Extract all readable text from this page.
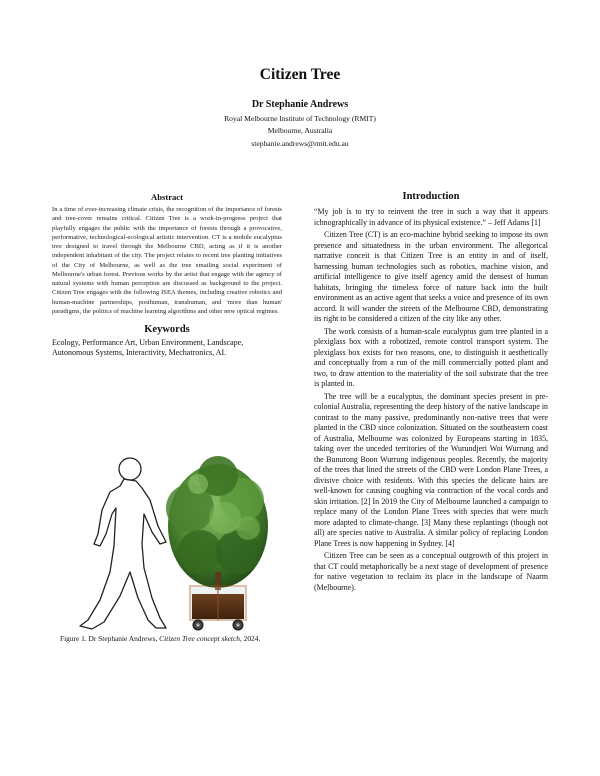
Citizen Tree
Dr Stephanie Andrews
Royal Melbourne Institute of Technology (RMIT)
Melbourne, Australia
stephanie.andrews@rmit.edu.au
Abstract

In a time of ever-increasing climate crisis, the recognition of the importance of forests and tree-cover remains critical. Citizen Tree is a work-in-progress project that playfully engages the public with the importance of forests through a provocative, performative, technological-ecological artistic intervention. CT is a mobile eucalyptus tree designed to travel through the Melbourne CBD, acting as if it is another independent inhabitant of the city. The project relates to recent tree planting initiatives of the City of Melbourne, as well as the tree emailing social experiment of Melbourne's urban forest. Previous works by the artist that engage with the agency of natural systems with human perception are discussed as background to the project. Citizen Tree engages with the following ISEA themes, including creative robotics and human-machine partnerships, posthuman, transhuman, and 'more than human' paradigms, the politics of machine learning algorithms and other new optical regimes.

Keywords

Ecology, Performance Art, Urban Environment, Landscape, Autonomous Systems, Interactivity, Mechatronics, AI.

Figure 1. Dr Stephanie Andrews, Citizen Tree concept sketch, 2024.
Introduction

“My job is to try to reinvent the tree in such a way that it appears ichnographically in advance of its physical existence.” – Jeff Adams [1]

Citizen Tree (CT) is an eco-machine hybrid seeking to impose its own presence and situatedness in the urban environment. The allegorical narrative conceit is that Citizen Tree is an entity in and of itself, harnessing human technologies such as robotics, machine vision, and artificial intelligence to give itself agency amid the densest of human habitats, bringing the timeless force of nature back into the built environment as an active agent that seeks a voice and presence of its own accord. It will wander the streets of the Melbourne CBD, demonstrating its right to be considered a citizen of the city like any other.

The work consists of a human-scale eucalyptus gum tree planted in a plexiglass box with a robotized, remote control transport system. The plexiglass box exists for two reasons, one, to distinguish it aesthetically and conceptually from a run of the mill commercially potted plant and two, to draw attention to the materiality of the soil substrate that the tree is planted in.

The tree will be a eucalyptus, the dominant species present in pre-colonial Australia, representing the deep history of the native landscape in contrast to the many passive, predominantly non-native trees that were planted in the CBD since colonization. Situated on the southeastern coast of Australia, Melbourne was colonized by Europeans starting in 1835, taking over the unceded territories of the Wurundjeri Woi Wurrung and the Bunurong Boon Wurrung indigenous peoples. Recently, the majority of the trees that lined the streets of the CBD were London Plane Trees, a divisive choice with residents. With this species the delicate hairs are well-known for causing coughing via contraction of the vocal cords and skin irritation. [2] In 2019 the City of Melbourne launched a campaign to replace many of the London Plane Trees with species that were much more adapted to climate-change. [3] Many these replantings (though not all) are species native to Australia. A similar policy of replacing London Plane Trees is now happening in Sydney. [4]

Citizen Tree can be seen as a conceptual outgrowth of this project in that CT could metaphorically be a next stage of development of presence for native vegetation to reclaim its place in the landscape of Naarm (Melbourne).
